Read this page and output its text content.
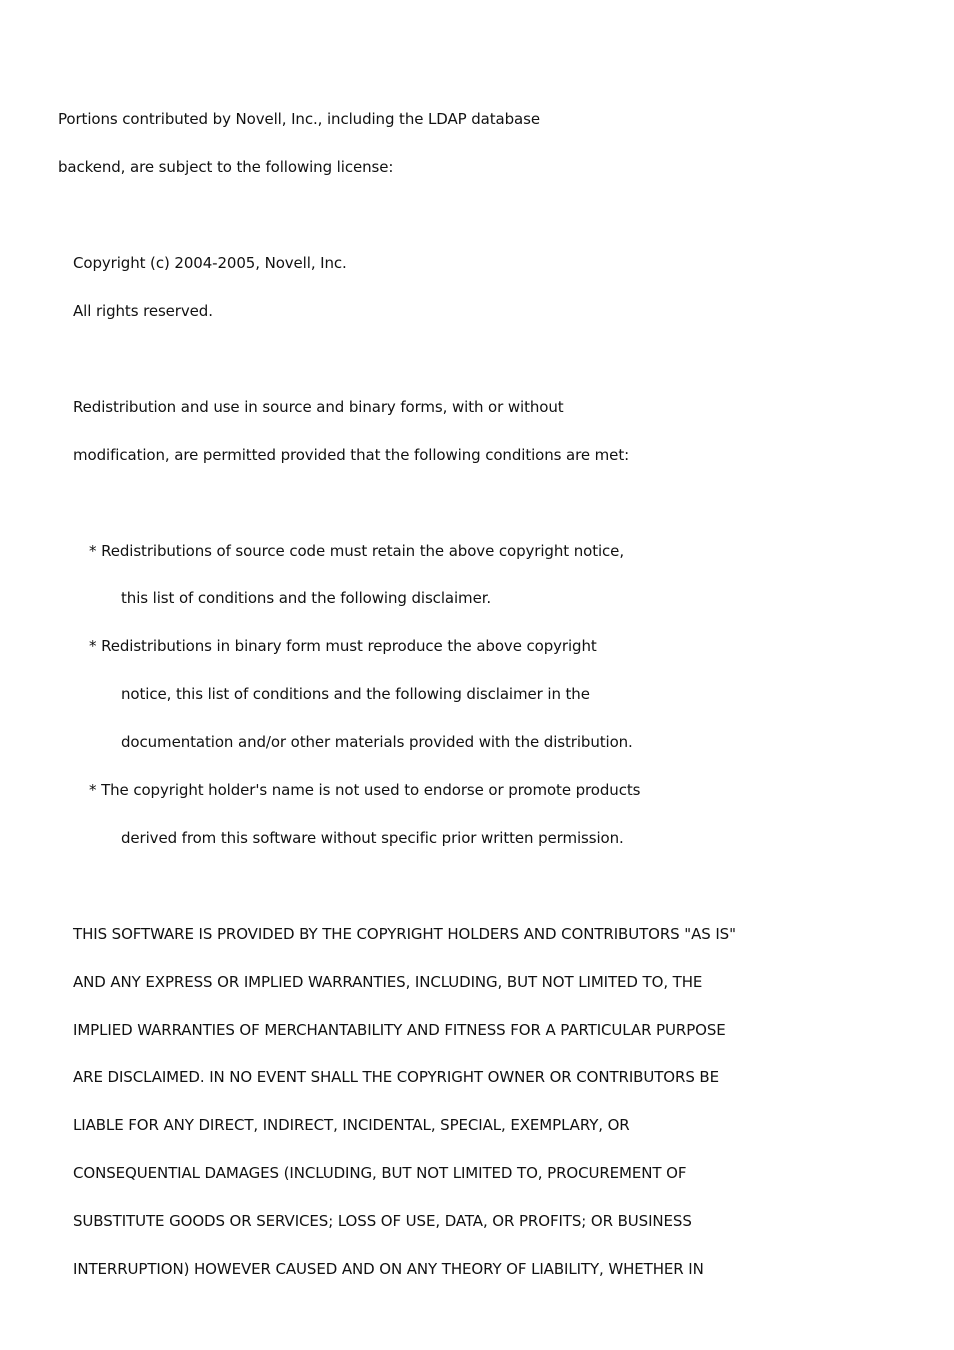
Portions contributed by Novell, Inc., including the LDAP database
backend, are subject to the following license:
Copyright (c) 2004-2005, Novell, Inc.
All rights reserved.
Redistribution and use in source and binary forms, with or without
modification, are permitted provided that the following conditions are met:
* Redistributions of source code must retain the above copyright notice,
this list of conditions and the following disclaimer.
* Redistributions in binary form must reproduce the above copyright
notice, this list of conditions and the following disclaimer in the
documentation and/or other materials provided with the distribution.
* The copyright holder's name is not used to endorse or promote products
derived from this software without specific prior written permission.
THIS SOFTWARE IS PROVIDED BY THE COPYRIGHT HOLDERS AND CONTRIBUTORS "AS IS"
AND ANY EXPRESS OR IMPLIED WARRANTIES, INCLUDING, BUT NOT LIMITED TO, THE
IMPLIED WARRANTIES OF MERCHANTABILITY AND FITNESS FOR A PARTICULAR PURPOSE
ARE DISCLAIMED. IN NO EVENT SHALL THE COPYRIGHT OWNER OR CONTRIBUTORS BE
LIABLE FOR ANY DIRECT, INDIRECT, INCIDENTAL, SPECIAL, EXEMPLARY, OR
CONSEQUENTIAL DAMAGES (INCLUDING, BUT NOT LIMITED TO, PROCUREMENT OF
SUBSTITUTE GOODS OR SERVICES; LOSS OF USE, DATA, OR PROFITS; OR BUSINESS
INTERRUPTION) HOWEVER CAUSED AND ON ANY THEORY OF LIABILITY, WHETHER IN
